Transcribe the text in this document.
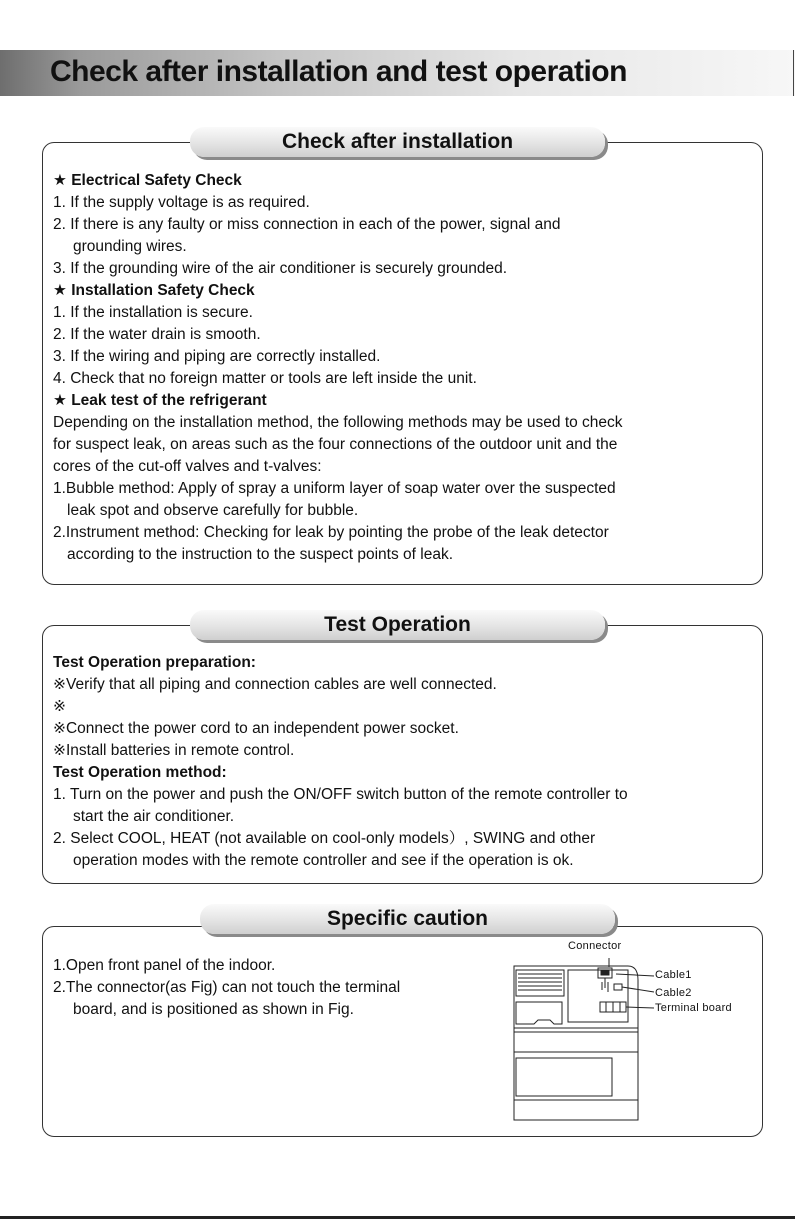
Check after installation and test operation
Check after installation
★ Electrical Safety Check
1. If the supply voltage is as required.
2. If there is any faulty or miss connection in each of the power, signal and
grounding wires.
3. If the grounding wire of the air conditioner is securely grounded.
★ Installation Safety Check
1. If the installation is secure.
2. If the water drain is smooth.
3. If the wiring and piping are correctly installed.
4. Check that no foreign matter or tools are left inside the unit.
★ Leak test of the refrigerant
Depending on the installation method, the following methods may be used to check
for suspect leak, on areas such as the four connections of the outdoor unit and the
cores of the cut-off valves and t-valves:
1.Bubble method: Apply of spray a uniform layer of soap water over the suspected
leak spot and observe carefully for bubble.
2.Instrument method: Checking for leak by pointing the probe of the leak detector
according to the instruction to the suspect points of leak.
Test Operation
Test Operation preparation:
※Verify that all piping and connection cables are well connected.
※
※Connect the power cord to an independent power socket.
※Install batteries in remote control.
Test Operation method:
1. Turn on the power and push the ON/OFF switch button of the remote controller to
start the air conditioner.
2. Select COOL, HEAT (not available on cool-only models）, SWING and other
operation modes with the remote controller and see if the operation is ok.
Specific caution
1.Open front panel of the indoor.
2.The connector(as Fig) can not touch the terminal
board, and is positioned as shown in Fig.
Connector
Cable1
Cable2
Terminal board
